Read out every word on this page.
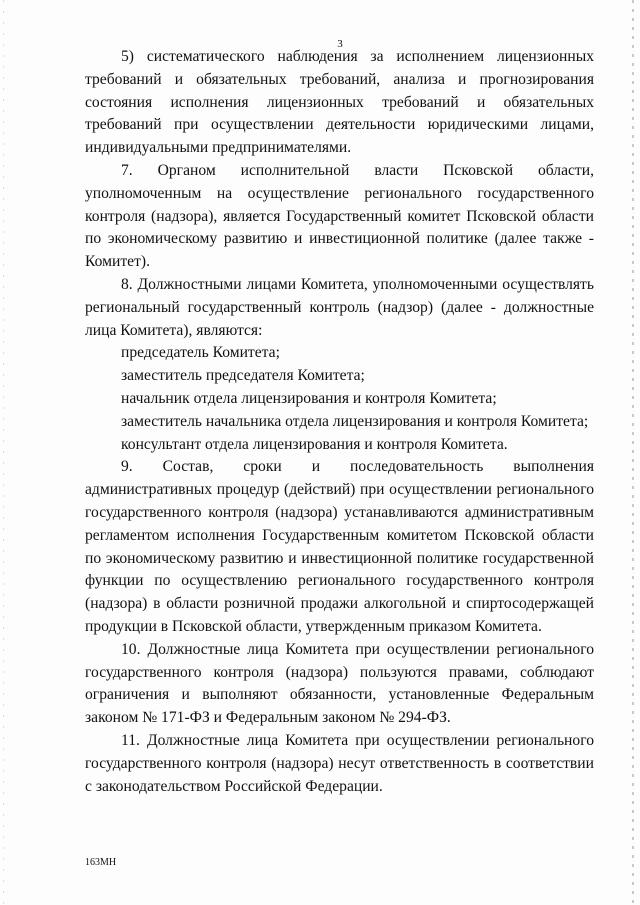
3

5) систематического наблюдения за исполнением лицензионных требований и обязательных требований, анализа и прогнозирования состояния исполнения лицензионных требований и обязательных требований при осуществлении деятельности юридическими лицами, индивидуальными предпринимателями.

7. Органом исполнительной власти Псковской области, уполномоченным на осуществление регионального государственного контроля (надзора), является Государственный комитет Псковской области по экономическому развитию и инвестиционной политике (далее также - Комитет).

8. Должностными лицами Комитета, уполномоченными осуществлять региональный государственный контроль (надзор) (далее - должностные лица Комитета), являются:

председатель Комитета;

заместитель председателя Комитета;

начальник отдела лицензирования и контроля Комитета;

заместитель начальника отдела лицензирования и контроля Комитета;

консультант отдела лицензирования и контроля Комитета.

9. Состав, сроки и последовательность выполнения административных процедур (действий) при осуществлении регионального государственного контроля (надзора) устанавливаются административным регламентом исполнения Государственным комитетом Псковской области по экономическому развитию и инвестиционной политике государственной функции по осуществлению регионального государственного контроля (надзора) в области розничной продажи алкогольной и спиртосодержащей продукции в Псковской области, утвержденным приказом Комитета.

10. Должностные лица Комитета при осуществлении регионального государственного контроля (надзора) пользуются правами, соблюдают ограничения и выполняют обязанности, установленные Федеральным законом № 171-ФЗ и Федеральным законом № 294-ФЗ.

11. Должностные лица Комитета при осуществлении регионального государственного контроля (надзора) несут ответственность в соответствии с законодательством Российской Федерации.

163МН
